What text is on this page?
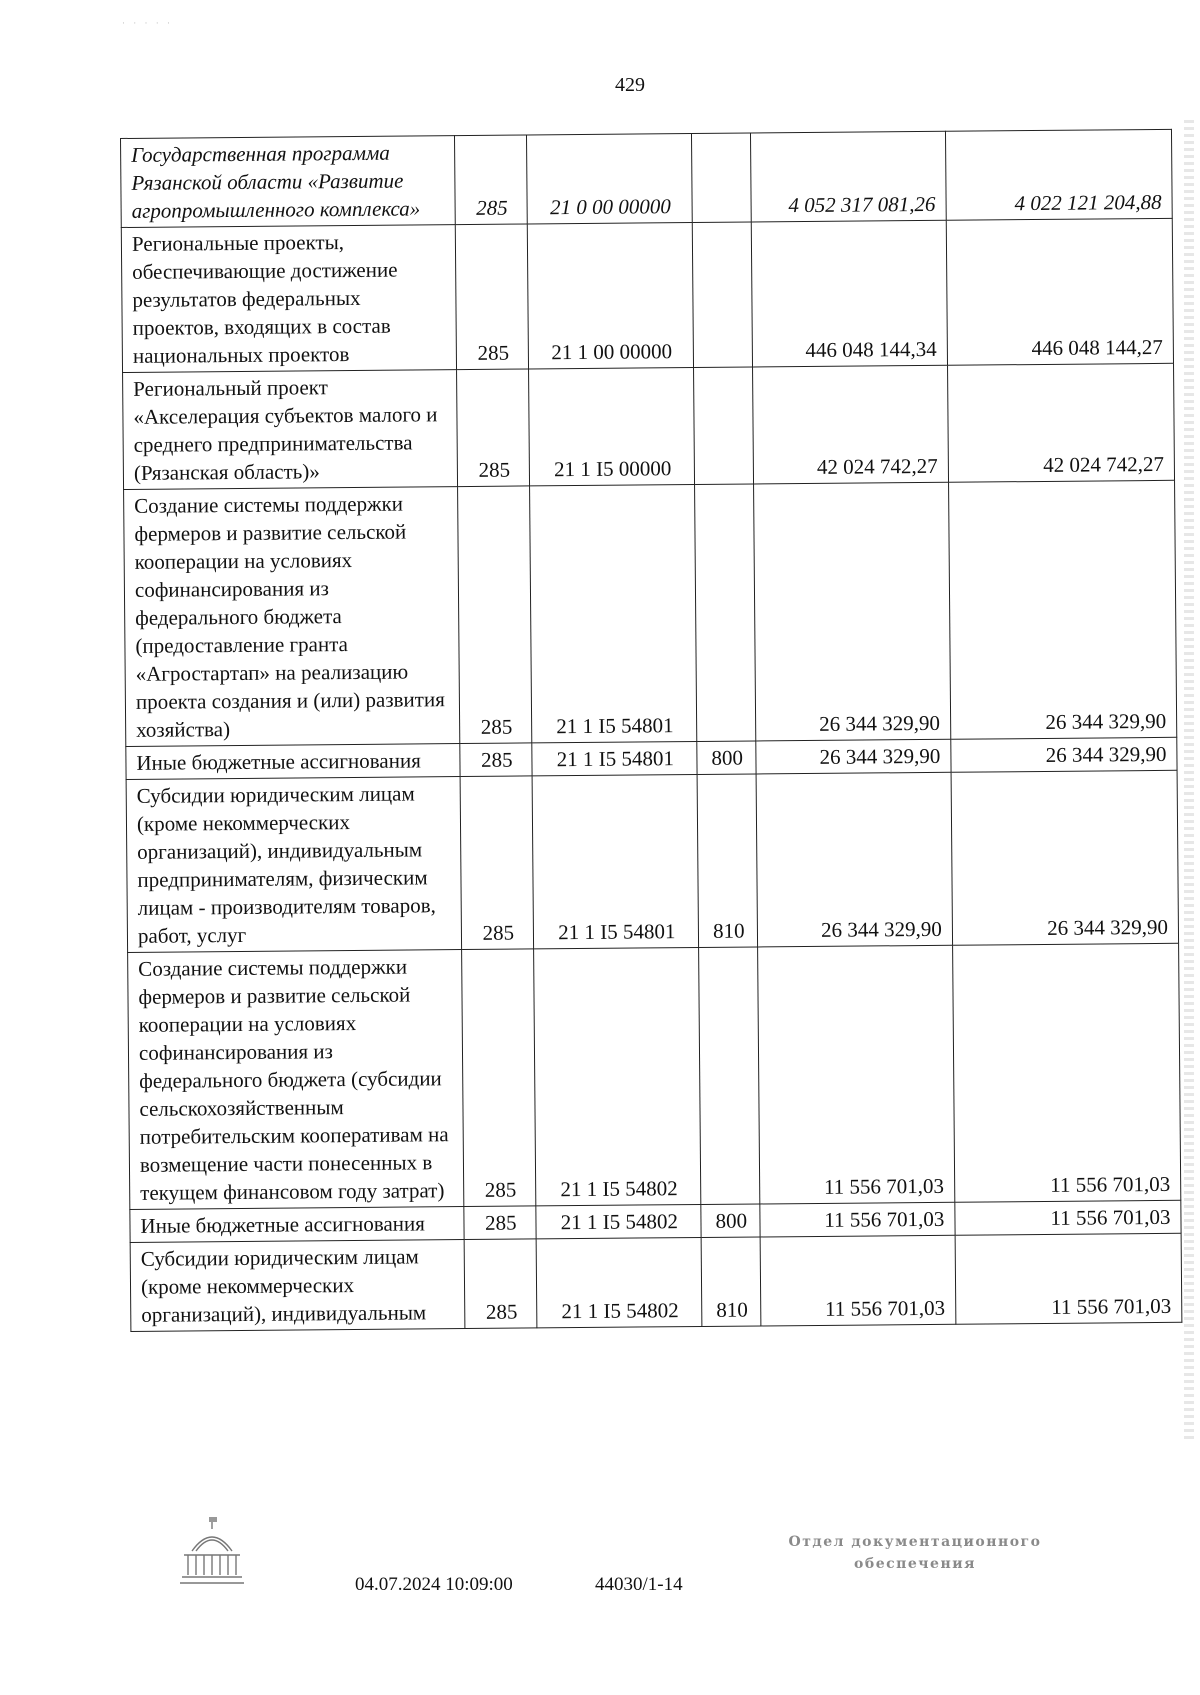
· · · · ·
429
Государственная программа Рязанской области «Развитие агропромышленного комплекса»	285	21 0 00 00000		4 052 317 081,26	4 022 121 204,88
Региональные проекты, обеспечивающие достижение результатов федеральных проектов, входящих в состав национальных проектов	285	21 1 00 00000		446 048 144,34	446 048 144,27
Региональный проект «Акселерация субъектов малого и среднего предпринимательства (Рязанская область)»	285	21 1 I5 00000		42 024 742,27	42 024 742,27
Создание системы поддержки фермеров и развитие сельской кооперации на условиях софинансирования из федерального бюджета (предоставление гранта «Агростартап» на реализацию проекта создания и (или) развития хозяйства)	285	21 1 I5 54801		26 344 329,90	26 344 329,90
Иные бюджетные ассигнования	285	21 1 I5 54801	800	26 344 329,90	26 344 329,90
Субсидии юридическим лицам (кроме некоммерческих организаций), индивидуальным предпринимателям, физическим лицам - производителям товаров, работ, услуг	285	21 1 I5 54801	810	26 344 329,90	26 344 329,90
Создание системы поддержки фермеров и развитие сельской кооперации на условиях софинансирования из федерального бюджета (субсидии сельскохозяйственным потребительским кооперативам на возмещение части понесенных в текущем финансовом году затрат)	285	21 1 I5 54802		11 556 701,03	11 556 701,03
Иные бюджетные ассигнования	285	21 1 I5 54802	800	11 556 701,03	11 556 701,03
Субсидии юридическим лицам (кроме некоммерческих организаций), индивидуальным	285	21 1 I5 54802	810	11 556 701,03	11 556 701,03
Отдел документационного
обеспечения
04.07.2024 10:09:00	44030/1-14
